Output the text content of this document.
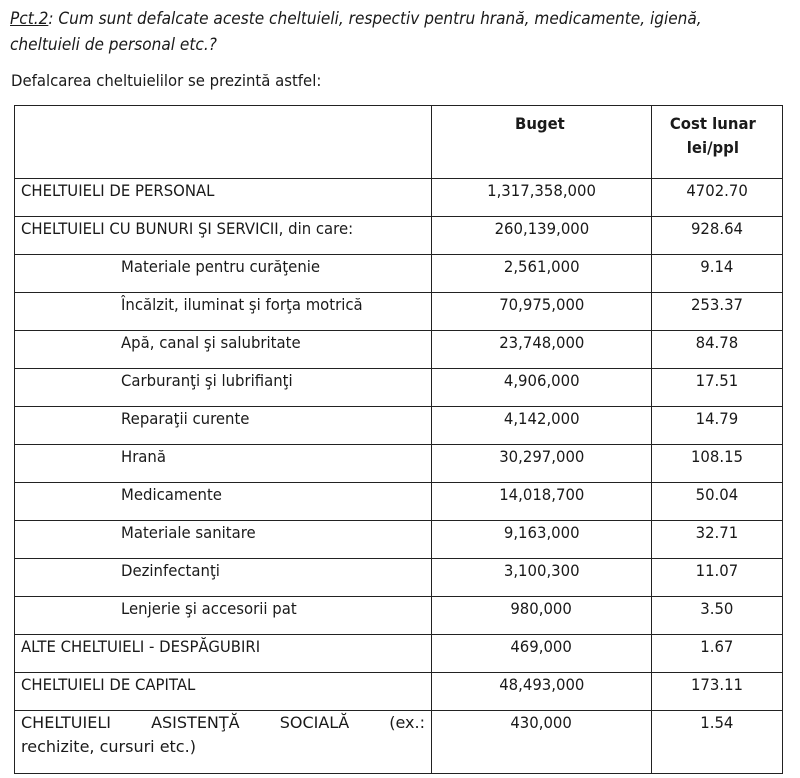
Pct.2: Cum sunt defalcate aceste cheltuieli, respectiv pentru hrană, medicamente, igienă, cheltuieli de personal etc.?
Defalcarea cheltuielilor se prezintă astfel:
	Buget	Cost lunar lei/ppl
CHELTUIELI DE PERSONAL	1,317,358,000	4702.70
CHELTUIELI CU BUNURI ŞI SERVICII, din care:	260,139,000	928.64
Materiale pentru curăţenie	2,561,000	9.14
Încălzit, iluminat şi forţa motrică	70,975,000	253.37
Apă, canal şi salubritate	23,748,000	84.78
Carburanţi şi lubrifianţi	4,906,000	17.51
Reparaţii curente	4,142,000	14.79
Hrană	30,297,000	108.15
Medicamente	14,018,700	50.04
Materiale sanitare	9,163,000	32.71
Dezinfectanţi	3,100,300	11.07
Lenjerie şi accesorii pat	980,000	3.50
ALTE CHELTUIELI - DESPĂGUBIRI	469,000	1.67
CHELTUIELI DE CAPITAL	48,493,000	173.11

CHELTUIELI ASISTENŢĂ SOCIALĂ (ex.:
rechizite, cursuri etc.)	430,000	1.54
